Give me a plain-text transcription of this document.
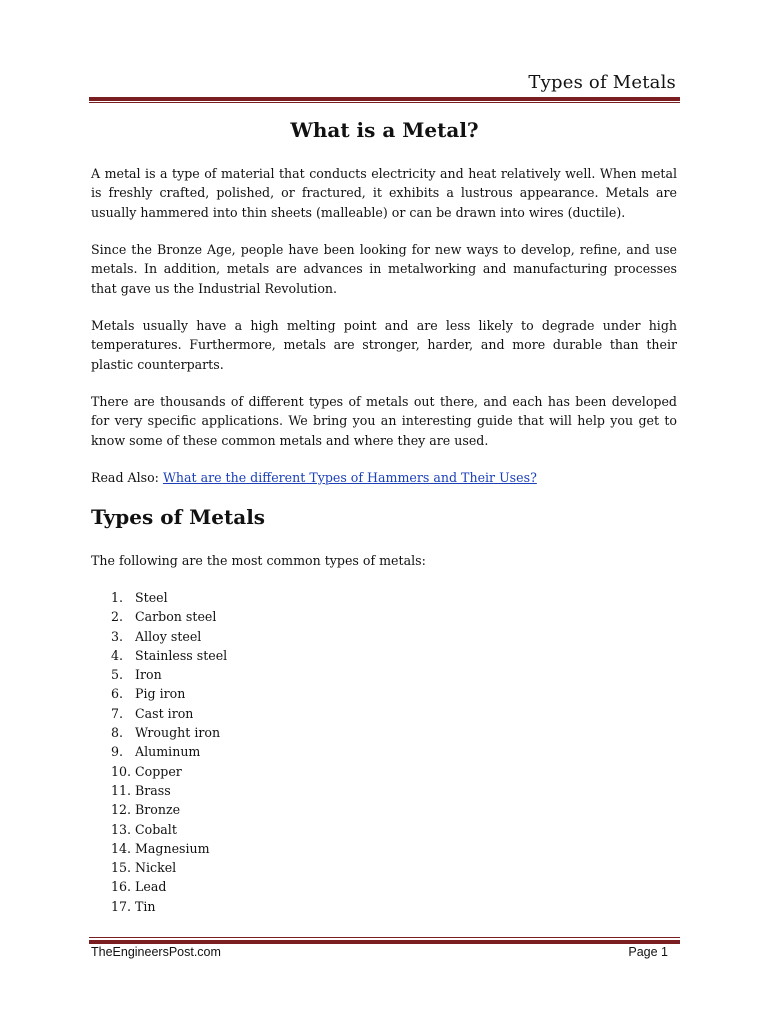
Types of Metals
What is a Metal?

A metal is a type of material that conducts electricity and heat relatively well. When metal is freshly crafted, polished, or fractured, it exhibits a lustrous appearance. Metals are usually hammered into thin sheets (malleable) or can be drawn into wires (ductile).

Since the Bronze Age, people have been looking for new ways to develop, refine, and use metals. In addition, metals are advances in metalworking and manufacturing processes that gave us the Industrial Revolution.

Metals usually have a high melting point and are less likely to degrade under high temperatures. Furthermore, metals are stronger, harder, and more durable than their plastic counterparts.

There are thousands of different types of metals out there, and each has been developed for very specific applications. We bring you an interesting guide that will help you get to know some of these common metals and where they are used.

Read Also: What are the different Types of Hammers and Their Uses?

Types of Metals

The following are the most common types of metals:

1. Steel
2. Carbon steel
3. Alloy steel
4. Stainless steel
5. Iron
6. Pig iron
7. Cast iron
8. Wrought iron
9. Aluminum
10. Copper
11. Brass
12. Bronze
13. Cobalt
14. Magnesium
15. Nickel
16. Lead
17. Tin
TheEngineersPost.com	Page 1
